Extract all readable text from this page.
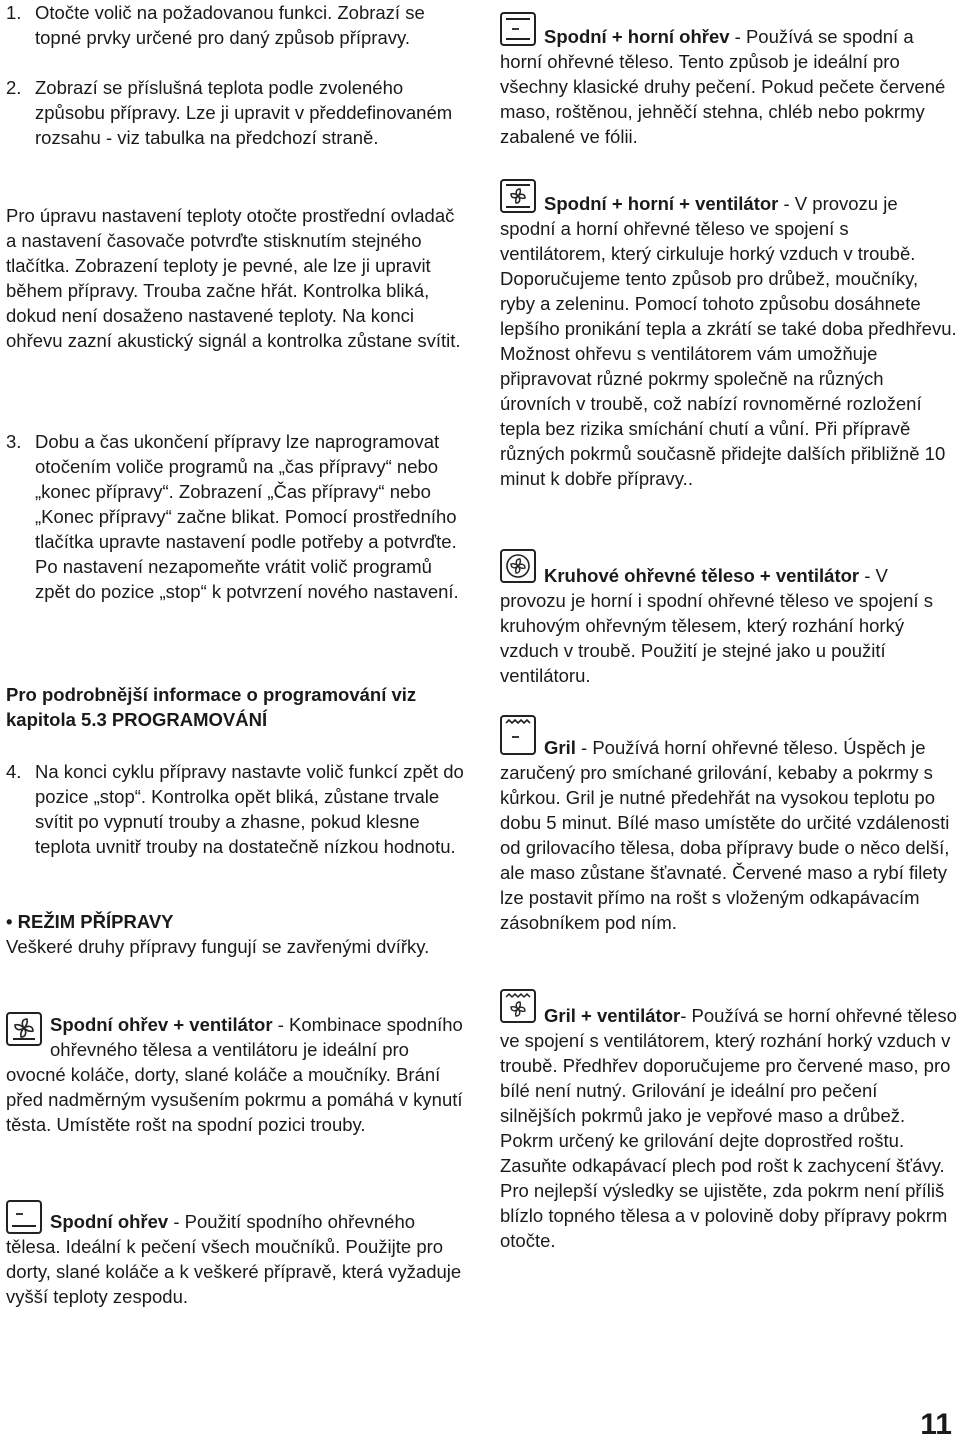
1. Otočte volič na požadovanou funkci. Zobrazí se topné prvky určené pro daný způsob přípravy.
2. Zobrazí se příslušná teplota podle zvoleného způsobu přípravy. Lze ji upravit v předdefinovaném rozsahu - viz tabulka na předchozí straně.

Pro úpravu nastavení teploty otočte prostřední ovladač a nastavení časovače potvrďte stisknutím stejného tlačítka. Zobrazení teploty je pevné, ale lze ji upravit během přípravy. Trouba začne hřát. Kontrolka bliká, dokud není dosaženo nastavené teploty. Na konci ohřevu zazní akustický signál a kontrolka zůstane svítit.

3. Dobu a čas ukončení přípravy lze naprogramovat otočením voliče programů na „čas přípravy“ nebo „konec přípravy“. Zobrazení „Čas přípravy“ nebo „Konec přípravy“ začne blikat. Pomocí prostředního tlačítka upravte nastavení podle potřeby a potvrďte. Po nastavení nezapomeňte vrátit volič programů zpět do pozice „stop“ k potvrzení nového nastavení.

Pro podrobnější informace o programování viz kapitola 5.3 PROGRAMOVÁNÍ

4. Na konci cyklu přípravy nastavte volič funkcí zpět do pozice „stop“. Kontrolka opět bliká, zůstane trvale svítit po vypnutí trouby a zhasne, pokud klesne teplota uvnitř trouby na dostatečně nízkou hodnotu.

• REŽIM PŘÍPRAVY

Veškeré druhy přípravy fungují se zavřenými dvířky.

Spodní ohřev + ventilátor - Kombinace spodního ohřevného tělesa a ventilátoru je ideální pro ovocné koláče, dorty, slané koláče a moučníky. Brání před nadměrným vysušením pokrmu a pomáhá v kynutí těsta. Umístěte rošt na spodní pozici trouby.
Spodní ohřev - Použití spodního ohřevného tělesa. Ideální k pečení všech moučníků. Použijte pro dorty, slané koláče a k veškeré přípravě, která vyžaduje vyšší teploty zespodu.
Spodní + horní ohřev - Používá se spodní a horní ohřevné těleso. Tento způsob je ideální pro všechny klasické druhy pečení. Pokud pečete červené maso, roštěnou, jehněčí stehna, chléb nebo pokrmy zabalené ve fólii.
Spodní + horní + ventilátor - V provozu je spodní a horní ohřevné těleso ve spojení s ventilátorem, který cirkuluje horký vzduch v troubě. Doporučujeme tento způsob pro drůbež, moučníky, ryby a zeleninu. Pomocí tohoto způsobu dosáhnete lepšího pronikání tepla a zkrátí se také doba předhřevu. Možnost ohřevu s ventilátorem vám umožňuje připravovat různé pokrmy společně na různých úrovních v troubě, což nabízí rovnoměrné rozložení tepla bez rizika smíchání chutí a vůní. Při přípravě různých pokrmů současně přidejte dalších přibližně 10 minut k dobře přípravy..
Kruhové ohřevné těleso + ventilátor - V provozu je horní i spodní ohřevné těleso ve spojení s kruhovým ohřevným tělesem, který rozhání horký vzduch v troubě. Použití je stejné jako u použití ventilátoru.
Gril - Používá horní ohřevné těleso. Úspěch je zaručený pro smíchané grilování, kebaby a pokrmy s kůrkou. Gril je nutné předehřát na vysokou teplotu po dobu 5 minut. Bílé maso umístěte do určité vzdálenosti od grilovacího tělesa, doba přípravy bude o něco delší, ale maso zůstane šťavnaté. Červené maso a rybí filety lze postavit přímo na rošt s vloženým odkapávacím zásobníkem pod ním.
Gril + ventilátor- Používá se horní ohřevné těleso ve spojení s ventilátorem, který rozhání horký vzduch v troubě. Předhřev doporučujeme pro červené maso, pro bílé není nutný. Grilování je ideální pro pečení silnějších pokrmů jako je vepřové maso a drůbež. Pokrm určený ke grilování dejte doprostřed roštu. Zasuňte odkapávací plech pod rošt k zachycení šťávy. Pro nejlepší výsledky se ujistěte, zda pokrm není příliš blízlo topného tělesa a v polovině doby přípravy pokrm otočte.
11
